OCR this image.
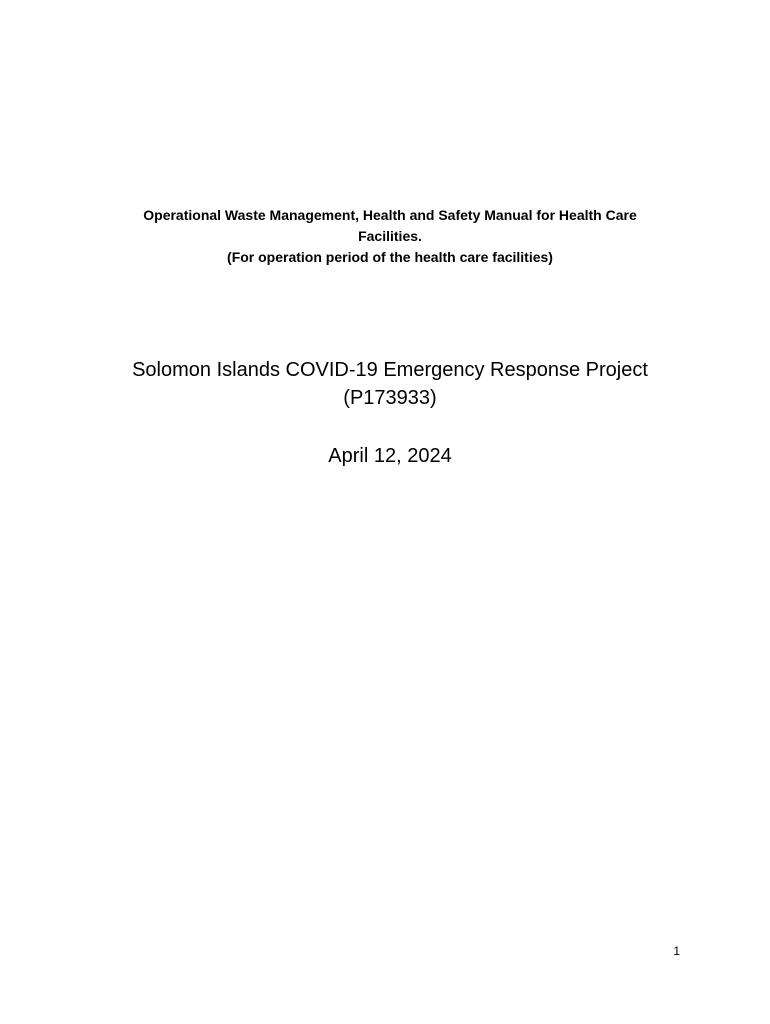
Operational Waste Management, Health and Safety Manual for Health Care
Facilities.
(For operation period of the health care facilities)
Solomon Islands COVID-19 Emergency Response Project
(P173933)
April 12, 2024
1
